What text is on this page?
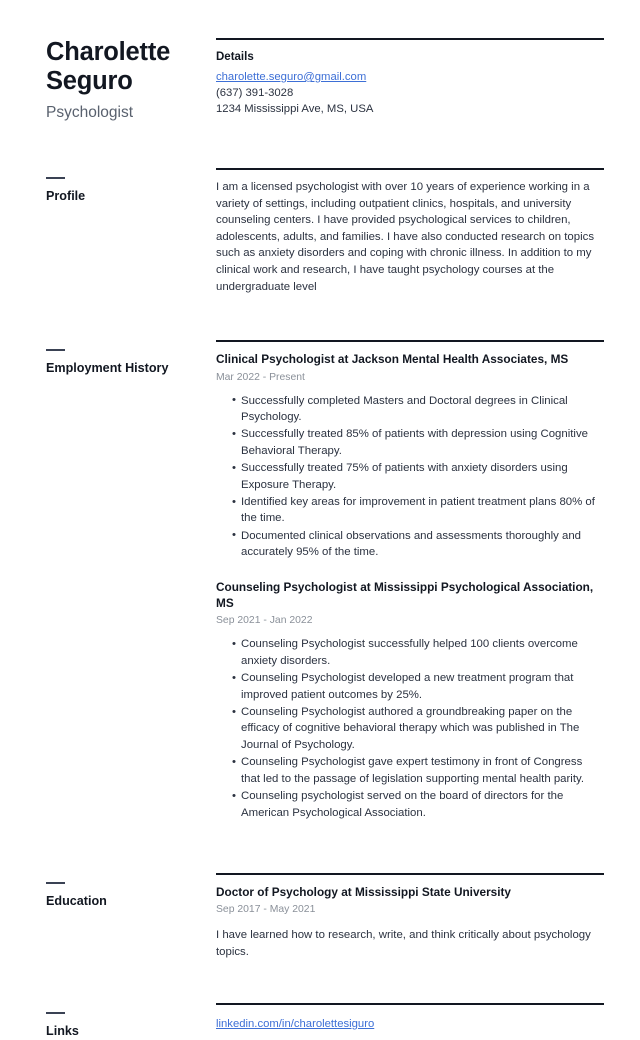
Charolette Seguro
Psychologist
Details
charolette.seguro@gmail.com
(637) 391-3028
1234 Mississippi Ave, MS, USA
Profile

I am a licensed psychologist with over 10 years of experience working in a variety of settings, including outpatient clinics, hospitals, and university counseling centers. I have provided psychological services to children, adolescents, adults, and families. I have also conducted research on topics such as anxiety disorders and coping with chronic illness. In addition to my clinical work and research, I have taught psychology courses at the undergraduate level

Employment History
Clinical Psychologist at Jackson Mental Health Associates, MS
Mar 2022 - Present
• Successfully completed Masters and Doctoral degrees in Clinical Psychology.
• Successfully treated 85% of patients with depression using Cognitive Behavioral Therapy.
• Successfully treated 75% of patients with anxiety disorders using Exposure Therapy.
• Identified key areas for improvement in patient treatment plans 80% of the time.
• Documented clinical observations and assessments thoroughly and accurately 95% of the time.
Counseling Psychologist at Mississippi Psychological Association, MS
Sep 2021 - Jan 2022
• Counseling Psychologist successfully helped 100 clients overcome anxiety disorders.
• Counseling Psychologist developed a new treatment program that improved patient outcomes by 25%.
• Counseling Psychologist authored a groundbreaking paper on the efficacy of cognitive behavioral therapy which was published in The Journal of Psychology.
• Counseling Psychologist gave expert testimony in front of Congress that led to the passage of legislation supporting mental health parity.
• Counseling psychologist served on the board of directors for the American Psychological Association.
Education
Doctor of Psychology at Mississippi State University
Sep 2017 - May 2021

I have learned how to research, write, and think critically about psychology topics.

Links	linkedin.com/in/charolettesiguro
